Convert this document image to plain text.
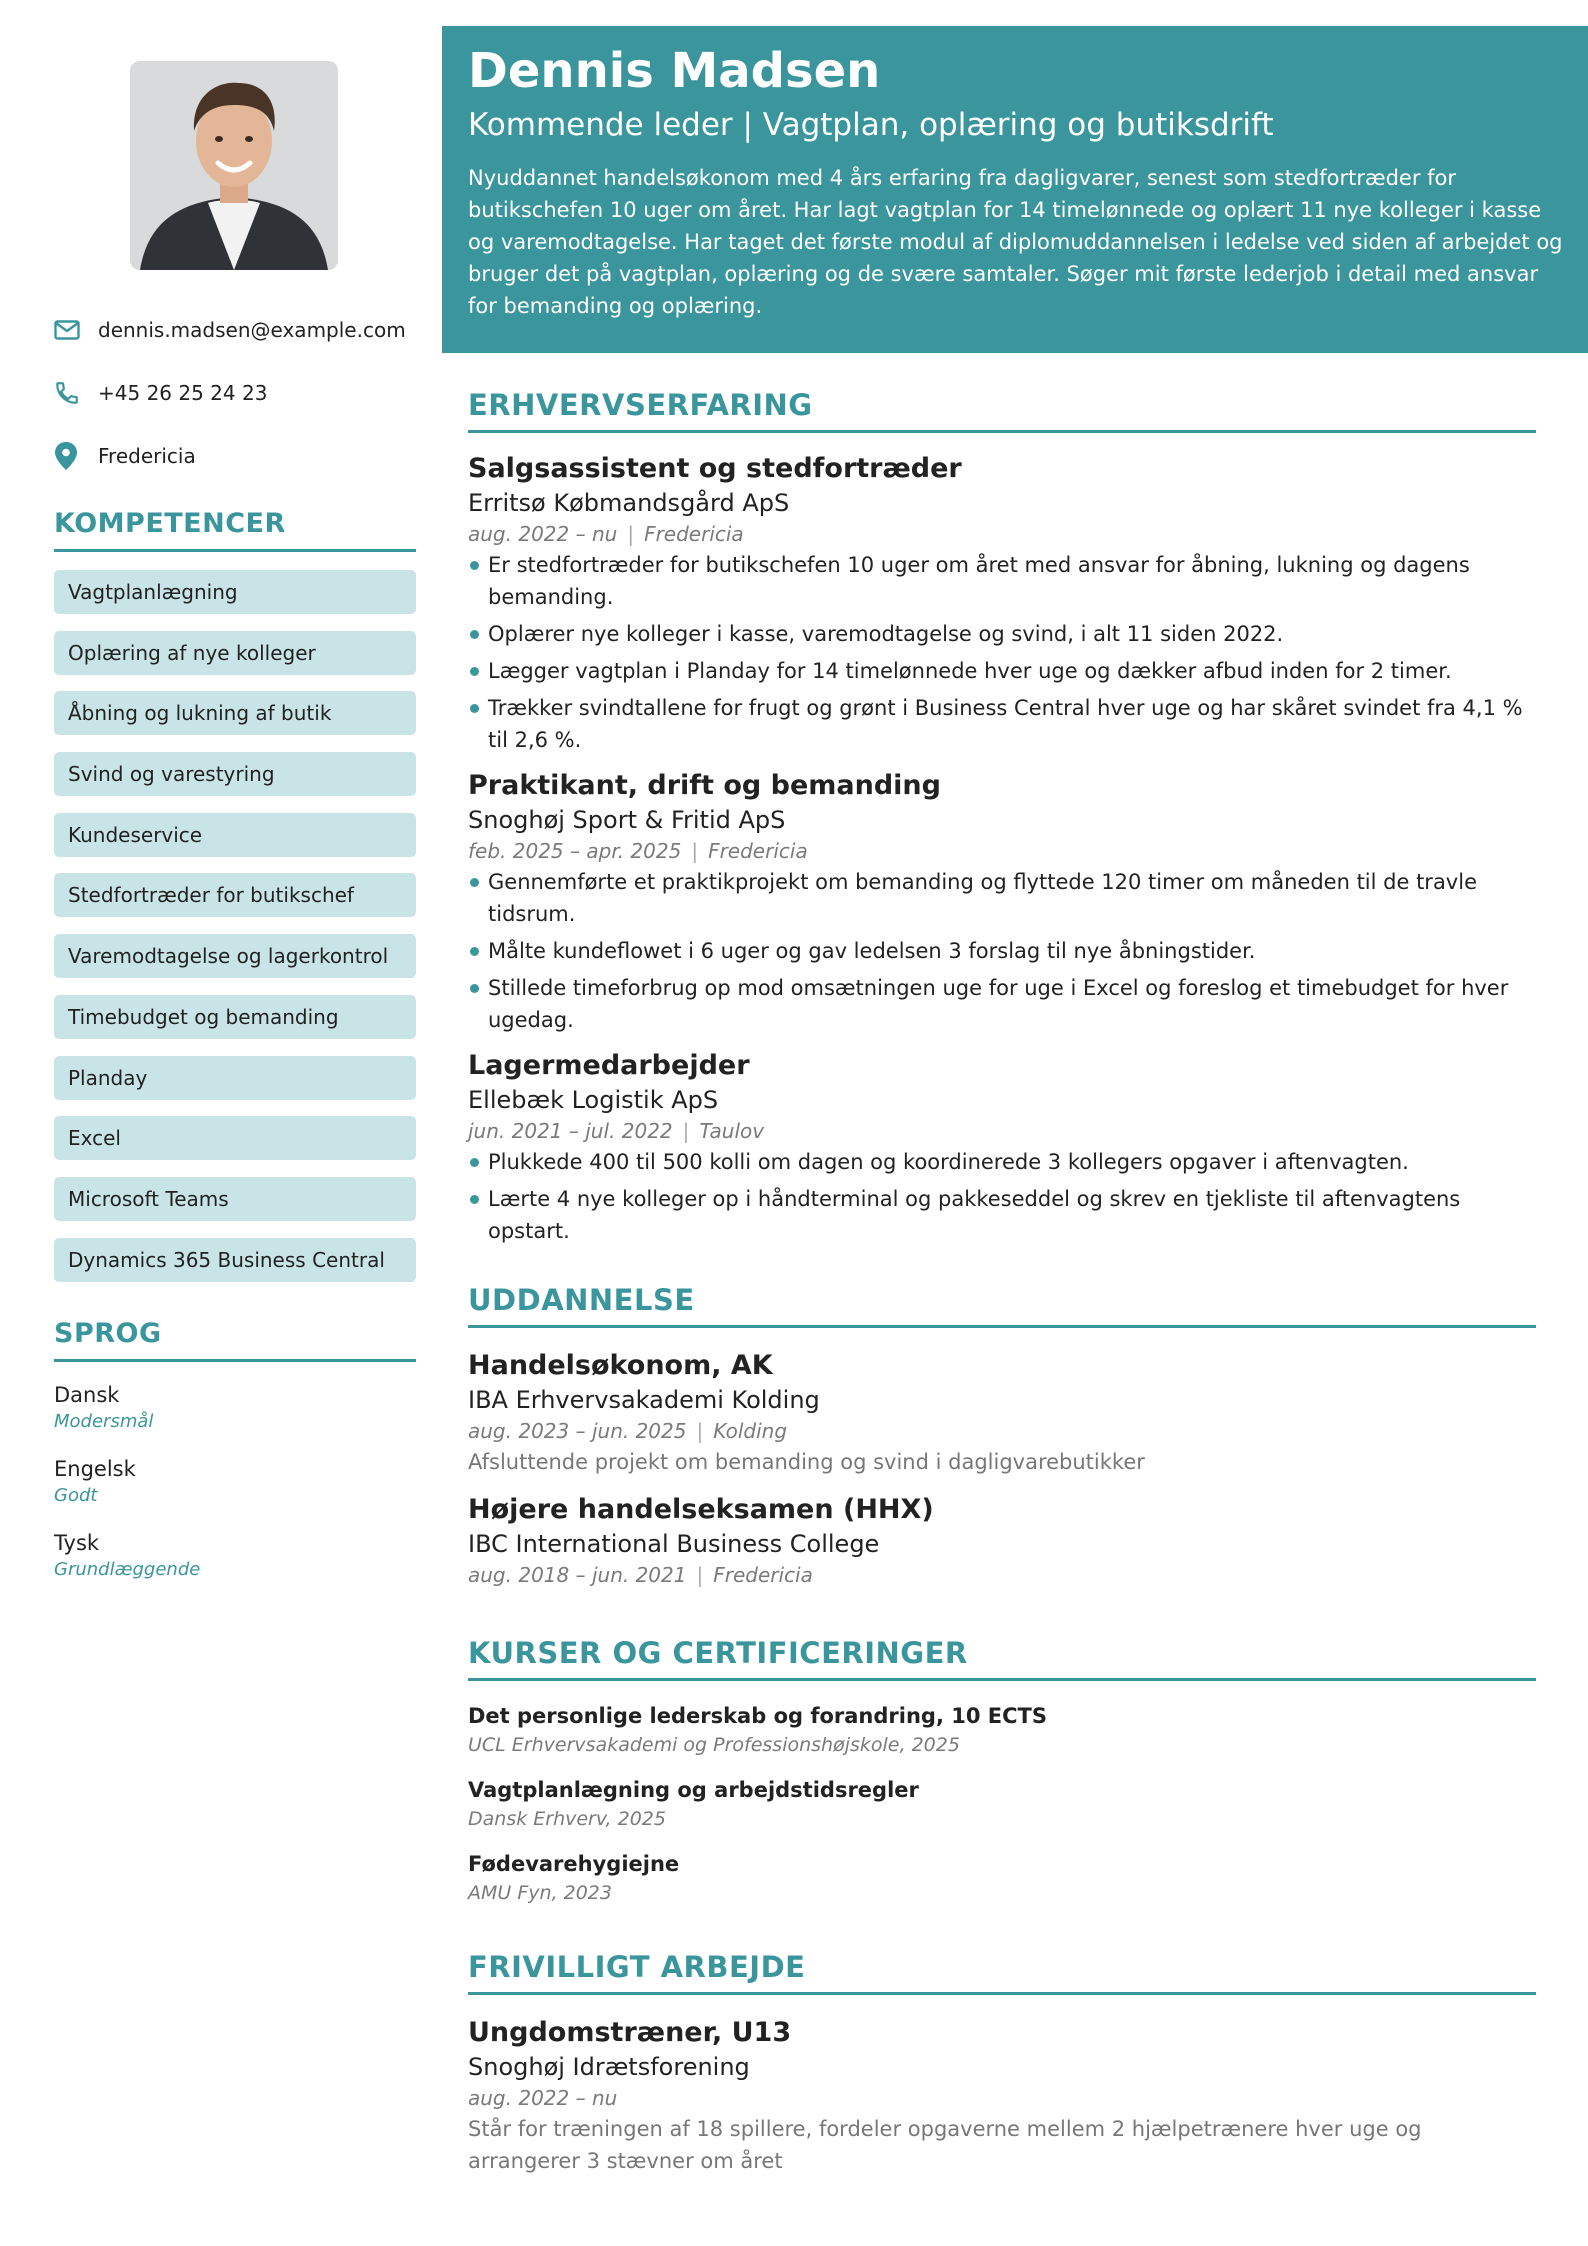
dennis.madsen@example.com
+45 26 25 24 23
Fredericia
KOMPETENCER
Vagtplanlægning
Oplæring af nye kolleger
Åbning og lukning af butik
Svind og varestyring
Kundeservice
Stedfortræder for butikschef
Varemodtagelse og lagerkontrol
Timebudget og bemanding
Planday
Excel
Microsoft Teams
Dynamics 365 Business Central
SPROG
Dansk
Modersmål
Engelsk
Godt
Tysk
Grundlæggende
Dennis Madsen
Kommende leder | Vagtplan, oplæring og butiksdrift
Nyuddannet handelsøkonom med 4 års erfaring fra dagligvarer, senest som stedfortræder for butikschefen 10 uger om året. Har lagt vagtplan for 14 timelønnede og oplært 11 nye kolleger i kasse og varemodtagelse. Har taget det første modul af diplomuddannelsen i ledelse ved siden af arbejdet og bruger det på vagtplan, oplæring og de svære samtaler. Søger mit første lederjob i detail med ansvar for bemanding og oplæring.
ERHVERVSERFARING
Salgsassistent og stedfortræder
Erritsø Købmandsgård ApS
aug. 2022 – nu | Fredericia
Er stedfortræder for butikschefen 10 uger om året med ansvar for åbning, lukning og dagens bemanding.
Oplærer nye kolleger i kasse, varemodtagelse og svind, i alt 11 siden 2022.
Lægger vagtplan i Planday for 14 timelønnede hver uge og dækker afbud inden for 2 timer.
Trækker svindtallene for frugt og grønt i Business Central hver uge og har skåret svindet fra 4,1 % til 2,6 %.
Praktikant, drift og bemanding
Snoghøj Sport & Fritid ApS
feb. 2025 – apr. 2025 | Fredericia
Gennemførte et praktikprojekt om bemanding og flyttede 120 timer om måneden til de travle tidsrum.
Målte kundeflowet i 6 uger og gav ledelsen 3 forslag til nye åbningstider.
Stillede timeforbrug op mod omsætningen uge for uge i Excel og foreslog et timebudget for hver ugedag.
Lagermedarbejder
Ellebæk Logistik ApS
jun. 2021 – jul. 2022 | Taulov
Plukkede 400 til 500 kolli om dagen og koordinerede 3 kollegers opgaver i aftenvagten.
Lærte 4 nye kolleger op i håndterminal og pakkeseddel og skrev en tjekliste til aftenvagtens opstart.
UDDANNELSE
Handelsøkonom, AK
IBA Erhvervsakademi Kolding
aug. 2023 – jun. 2025 | Kolding
Afsluttende projekt om bemanding og svind i dagligvarebutikker
Højere handelseksamen (HHX)
IBC International Business College
aug. 2018 – jun. 2021 | Fredericia
KURSER OG CERTIFICERINGER
Det personlige lederskab og forandring, 10 ECTS
UCL Erhvervsakademi og Professionshøjskole, 2025
Vagtplanlægning og arbejdstidsregler
Dansk Erhverv, 2025
Fødevarehygiejne
AMU Fyn, 2023
FRIVILLIGT ARBEJDE
Ungdomstræner, U13
Snoghøj Idrætsforening
aug. 2022 – nu
Står for træningen af 18 spillere, fordeler opgaverne mellem 2 hjælpetrænere hver uge og arrangerer 3 stævner om året
